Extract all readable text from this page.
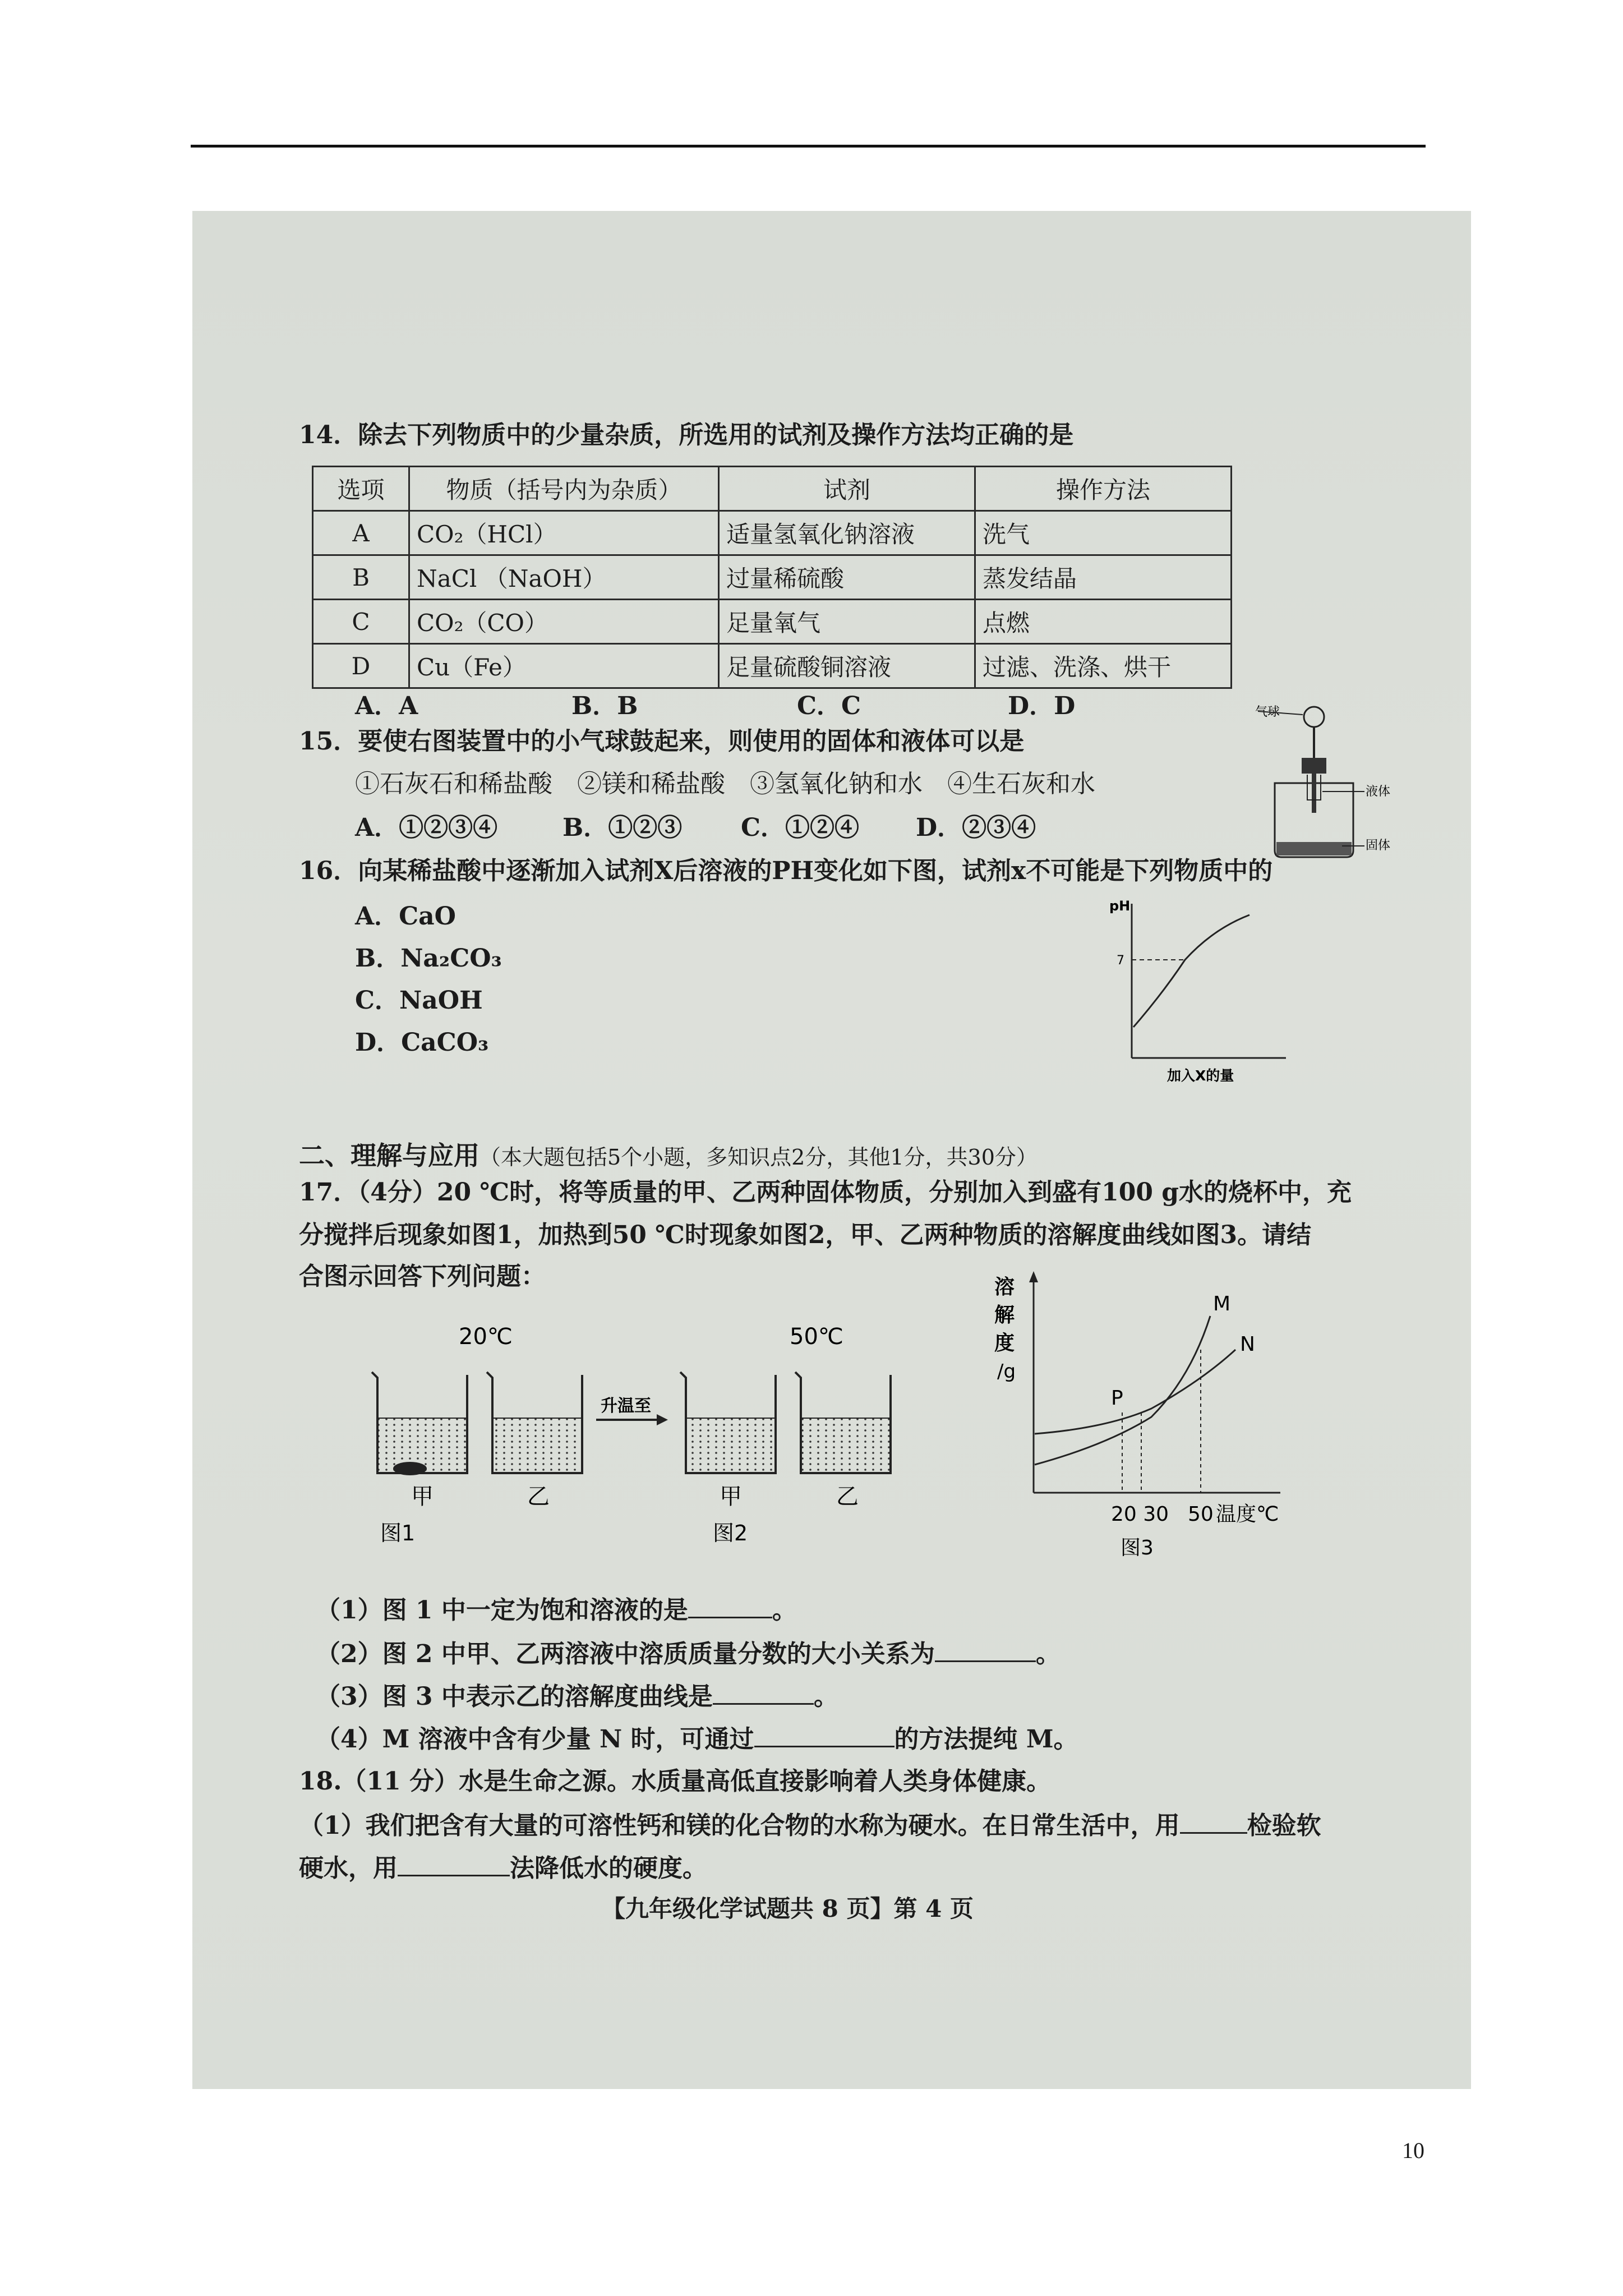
14．除去下列物质中的少量杂质，所选用的试剂及操作方法均正确的是
选项	物质（括号内为杂质）	试剂	操作方法
A	CO₂（HCl）	适量氢氧化钠溶液	洗气
B	NaCl （NaOH）	过量稀硫酸	蒸发结晶
C	CO₂（CO）	足量氧气	点燃
D	Cu（Fe）	足量硫酸铜溶液	过滤、洗涤、烘干
A．A	B．B	C．C	D．D
15．要使右图装置中的小气球鼓起来，则使用的固体和液体可以是
①石灰石和稀盐酸　②镁和稀盐酸　③氢氧化钠和水　④生石灰和水
A．①②③④	B．①②③ C．①②④ D．②③④
气球
液体
固体
16．向某稀盐酸中逐渐加入试剂X后溶液的PH变化如下图，试剂x不可能是下列物质中的
A．CaO
B．Na₂CO₃
C．NaOH
D．CaCO₃
pH
7
加入X的量
二、理解与应用（本大题包括5个小题，多知识点2分，其他1分，共30分）
17．（4分）20 ℃时，将等质量的甲、乙两种固体物质，分别加入到盛有100 g水的烧杯中，充
分搅拌后现象如图1，加热到50 ℃时现象如图2，甲、乙两种物质的溶解度曲线如图3。请结
合图示回答下列问题：
20℃
甲	乙
图1
升温至
50℃
甲	乙
图2
溶
解
度
/g
M
N
P
20 30 50 温度℃
图3
（1）图 1 中一定为饱和溶液的是	。
（2）图 2 中甲、乙两溶液中溶质质量分数的大小关系为	。
（3）图 3 中表示乙的溶解度曲线是	。
（4）M 溶液中含有少量 N 时，可通过	的方法提纯 M。
18.（11 分）水是生命之源。水质量高低直接影响着人类身体健康。
（1）我们把含有大量的可溶性钙和镁的化合物的水称为硬水。在日常生活中，用	检验软
硬水，用	法降低水的硬度。
【九年级化学试题共 8 页】第 4 页
10
